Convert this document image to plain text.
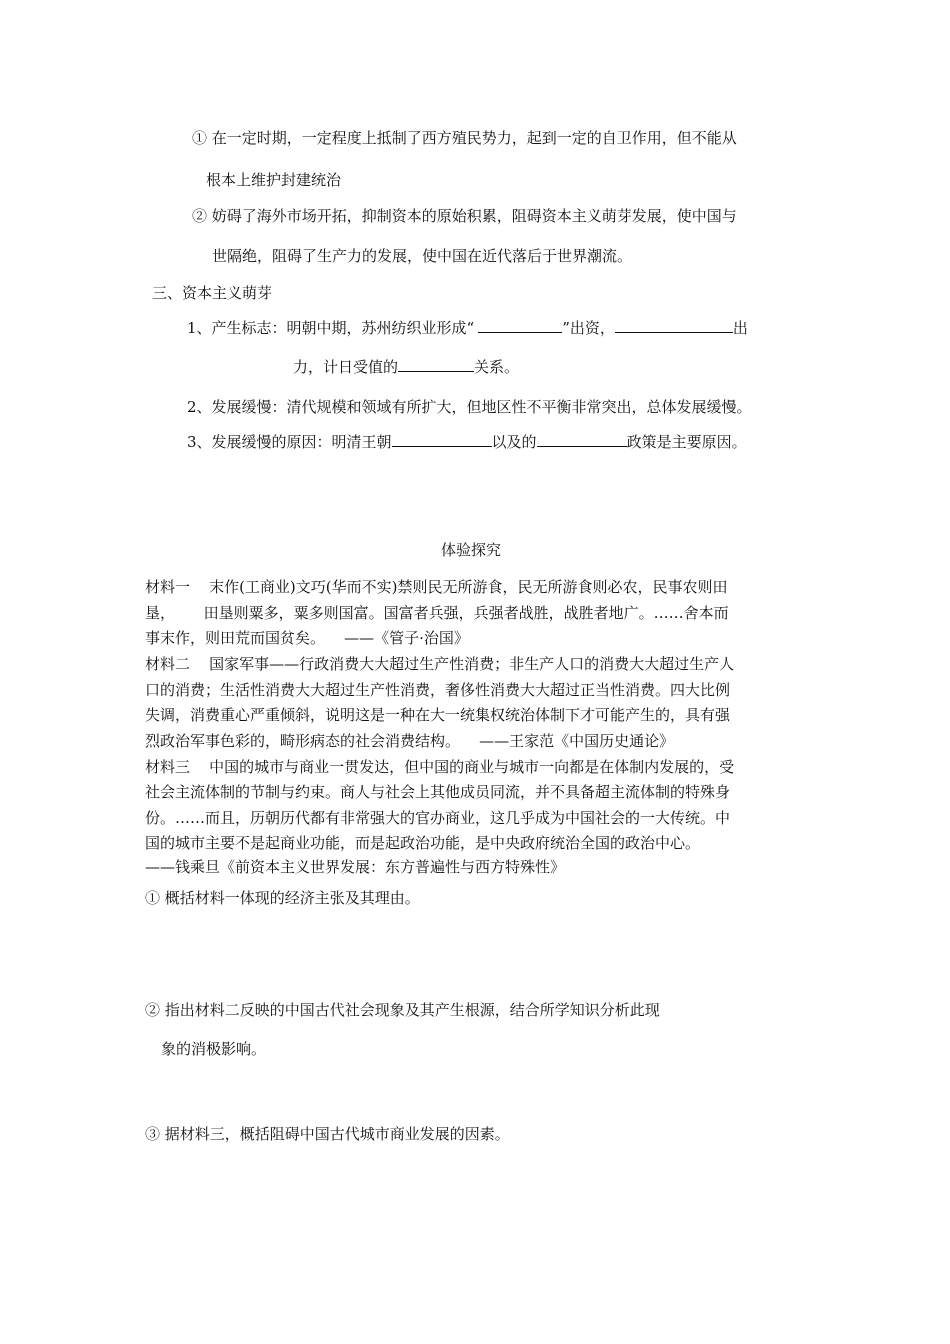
① 在一定时期，一定程度上抵制了西方殖民势力，起到一定的自卫作用，但不能从
根本上维护封建统治
② 妨碍了海外市场开拓，抑制资本的原始积累，阻碍资本主义萌芽发展，使中国与
世隔绝，阻碍了生产力的发展，使中国在近代落后于世界潮流。
三、资本主义萌芽
1、产生标志：明朝中期，苏州纺织业形成“	”出资，	出
力，计日受值的	关系。
2、发展缓慢：清代规模和领域有所扩大，但地区性不平衡非常突出，总体发展缓慢。
3、发展缓慢的原因：明清王朝	以及的	政策是主要原因。
体验探究
材料一    末作(工商业)文巧(华而不实)禁则民无所游食，民无所游食则必农，民事农则田
垦，      田垦则粟多，粟多则国富。国富者兵强，兵强者战胜，战胜者地广。……舍本而
事末作，则田荒而国贫矣。    ——《管子·治国》
材料二    国家军事——行政消费大大超过生产性消费；非生产人口的消费大大超过生产人
口的消费；生活性消费大大超过生产性消费，奢侈性消费大大超过正当性消费。四大比例
失调，消费重心严重倾斜，说明这是一种在大一统集权统治体制下才可能产生的，具有强
烈政治军事色彩的，畸形病态的社会消费结构。    ——王家范《中国历史通论》
材料三    中国的城市与商业一贯发达，但中国的商业与城市一向都是在体制内发展的，受
社会主流体制的节制与约束。商人与社会上其他成员同流，并不具备超主流体制的特殊身
份。……而且，历朝历代都有非常强大的官办商业，这几乎成为中国社会的一大传统。中
国的城市主要不是起商业功能，而是起政治功能，是中央政府统治全国的政治中心。
——钱乘旦《前资本主义世界发展：东方普遍性与西方特殊性》
① 概括材料一体现的经济主张及其理由。
② 指出材料二反映的中国古代社会现象及其产生根源，结合所学知识分析此现
象的消极影响。
③ 据材料三，概括阻碍中国古代城市商业发展的因素。
